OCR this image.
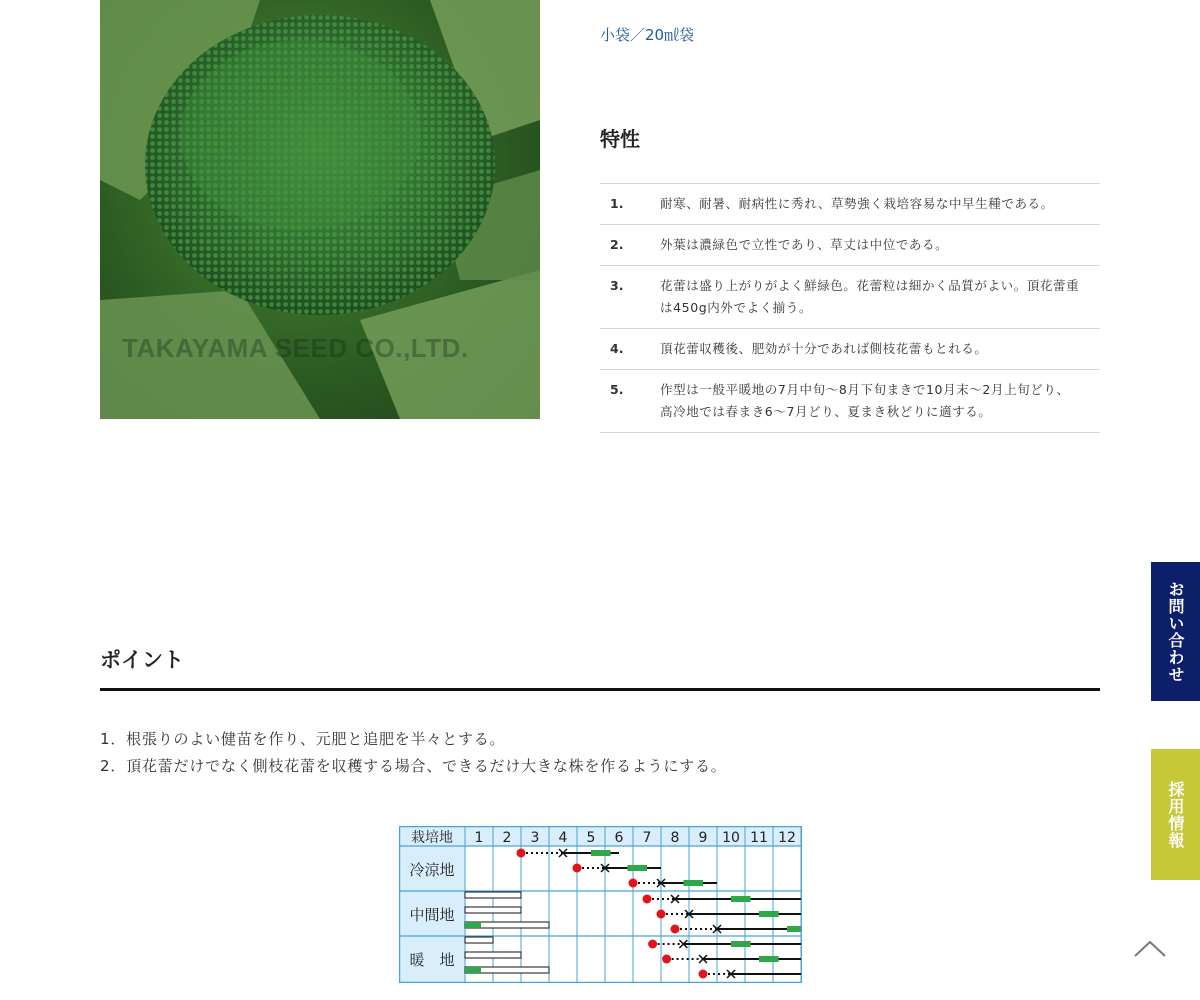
TAKAYAMA SEED CO.,LTD.
小袋／20㎖袋
特性
1.	耐寒、耐暑、耐病性に秀れ、草勢強く栽培容易な中早生種である。
2.	外葉は濃緑色で立性であり、草丈は中位である。
3.	花蕾は盛り上がりがよく鮮緑色。花蕾粒は細かく品質がよい。頂花蕾重は450g内外でよく揃う。
4.	頂花蕾収穫後、肥効が十分であれば側枝花蕾もとれる。
5.	作型は一般平暖地の7月中旬～8月下旬まきで10月末～2月上旬どり、高冷地では春まき6～7月どり、夏まき秋どりに適する。
ポイント
1．根張りのよい健苗を作り、元肥と追肥を半々とする。
2．頂花蕾だけでなく側枝花蕾を収穫する場合、できるだけ大きな株を作るようにする。
栽培地
冷涼地
中間地
暖　地
1 2 3 4 5 6 7 8 9 10 11 12
お問い合わせ
採用情報
